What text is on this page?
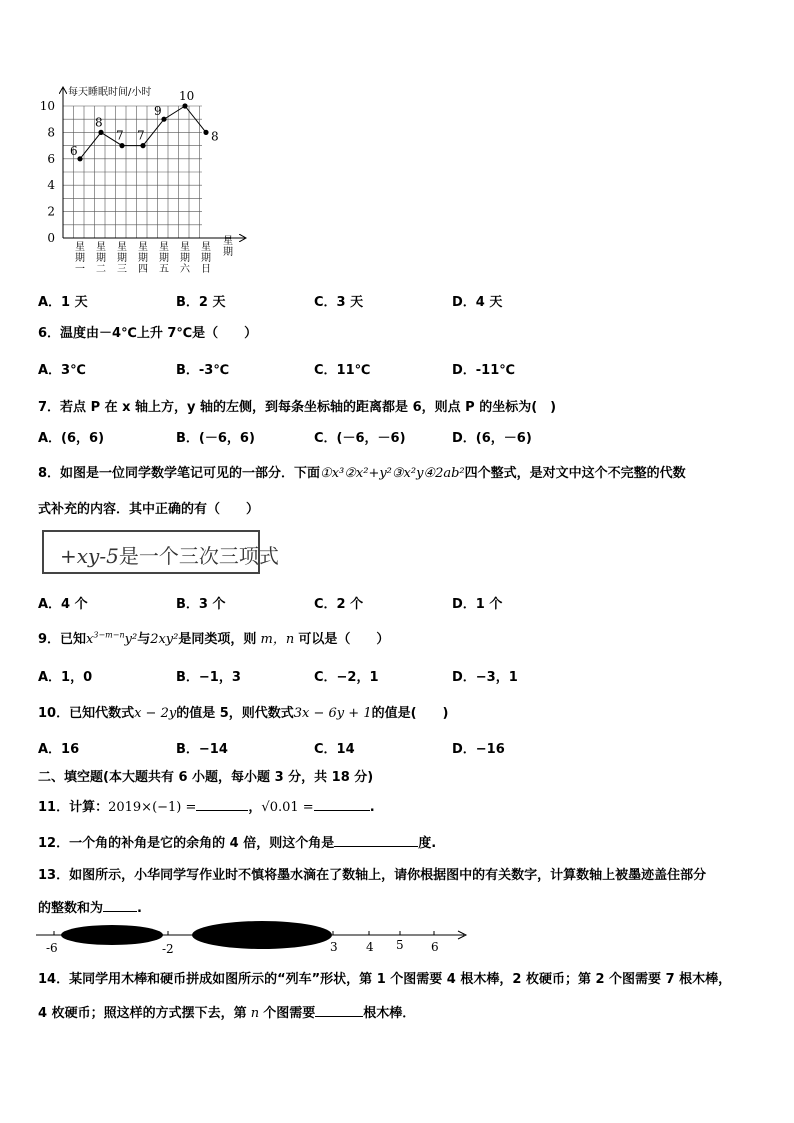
每天睡眠时间/小时
0
2
4
6
8
10
星
期
一
星
期
二
星
期
三
星
期
四
星
期
五
星
期
六
星
期
日
星
期
6
8
7 7
9
10
8
A．1 天	B．2 天	C．3 天	D．4 天
6．温度由－4℃上升 7℃是（　　）
A．3℃	B．-3℃	C．11℃	D．-11℃
7．若点 P 在 x 轴上方，y 轴的左侧，到每条坐标轴的距离都是 6，则点 P 的坐标为(　)
A．(6，6)	B．(－6，6)	C．(－6，－6)	D．(6，－6)
8．如图是一位同学数学笔记可见的一部分．下面①x³②x²+y²③x²y④2ab²四个整式，是对文中这个不完整的代数
式补充的内容．其中正确的有（　　）
+xy-5是一个三次三项式
A．4 个	B．3 个	C．2 个	D．1 个
9．已知$x^{3-m-n}y^2$与2xy²是同类项，则 m，n 可以是（　　）
A．1，0	B．−1，3	C．−2，1	D．−3，1
10．已知代数式x − 2y的值是 5，则代数式3x − 6y + 1的值是(　　)
A．16	B．−14	C．14	D．−16
二、填空题(本大题共有 6 小题，每小题 3 分，共 18 分)
11．计算：2019×(−1) =	，√0.01 =	.
12．一个角的补角是它的余角的 4 倍，则这个角是	度.
13．如图所示，小华同学写作业时不慎将墨水滴在了数轴上，请你根据图中的有关数字，计算数轴上被墨迹盖住部分
的整数和为	.
-6	-2	3 4 5 6
14．某同学用木棒和硬币拼成如图所示的“列车”形状，第 1 个图需要 4 根木棒，2 枚硬币；第 2 个图需要 7 根木棒，
4 枚硬币；照这样的方式摆下去，第 n 个图需要	根木棒．
